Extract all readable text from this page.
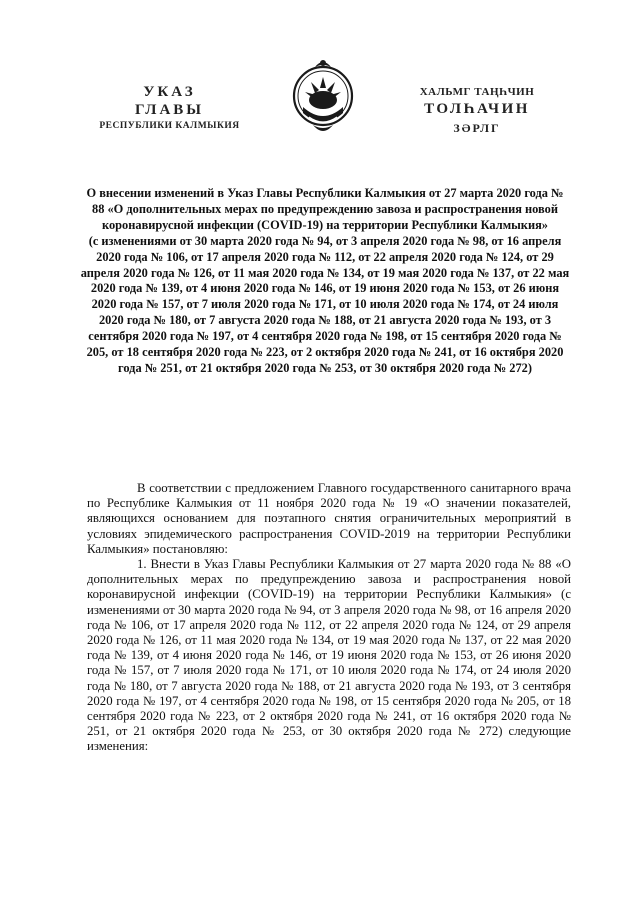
УКАЗ
ГЛАВЫ
РЕСПУБЛИКИ КАЛМЫКИЯ
ХАЛЬМГ ТАҢҺЧИН
ТОЛҺАЧИН
ЗӘРЛГ

О внесении изменений в Указ Главы Республики Калмыкия от 27 марта 2020 года № 88 «О дополнительных мерах по предупреждению завоза и распространения новой коронавирусной инфекции (COVID-19) на территории Республики Калмыкия»

(с изменениями от 30 марта 2020 года № 94, от 3 апреля 2020 года № 98, от 16 апреля 2020 года № 106, от 17 апреля 2020 года № 112, от 22 апреля 2020 года № 124, от 29 апреля 2020 года № 126, от 11 мая 2020 года № 134, от 19 мая 2020 года № 137, от 22 мая 2020 года № 139, от 4 июня 2020 года № 146, от 19 июня 2020 года № 153, от 26 июня 2020 года № 157, от 7 июля 2020 года № 171, от 10 июля 2020 года № 174, от 24 июля 2020 года № 180, от 7 августа 2020 года № 188, от 21 августа 2020 года № 193, от 3 сентября 2020 года № 197, от 4 сентября 2020 года № 198, от 15 сентября 2020 года № 205, от 18 сентября 2020 года № 223, от 2 октября 2020 года № 241, от 16 октября 2020 года № 251, от 21 октября 2020 года № 253, от 30 октября 2020 года № 272)

В соответствии с предложением Главного государственного санитарного врача по Республике Калмыкия от 11 ноября 2020 года № 19 «О значении показателей, являющихся основанием для поэтапного снятия ограничительных мероприятий в условиях эпидемического распространения COVID-2019 на территории Республики Калмыкия» постановляю:

1. Внести в Указ Главы Республики Калмыкия от 27 марта 2020 года № 88 «О дополнительных мерах по предупреждению завоза и распространения новой коронавирусной инфекции (COVID-19) на территории Республики Калмыкия» (с изменениями от 30 марта 2020 года № 94, от 3 апреля 2020 года № 98, от 16 апреля 2020 года № 106, от 17 апреля 2020 года № 112, от 22 апреля 2020 года № 124, от 29 апреля 2020 года № 126, от 11 мая 2020 года № 134, от 19 мая 2020 года № 137, от 22 мая 2020 года № 139, от 4 июня 2020 года № 146, от 19 июня 2020 года № 153, от 26 июня 2020 года № 157, от 7 июля 2020 года № 171, от 10 июля 2020 года № 174, от 24 июля 2020 года № 180, от 7 августа 2020 года № 188, от 21 августа 2020 года № 193, от 3 сентября 2020 года № 197, от 4 сентября 2020 года № 198, от 15 сентября 2020 года № 205, от 18 сентября 2020 года № 223, от 2 октября 2020 года № 241, от 16 октября 2020 года № 251, от 21 октября 2020 года № 253, от 30 октября 2020 года № 272) следующие изменения:
